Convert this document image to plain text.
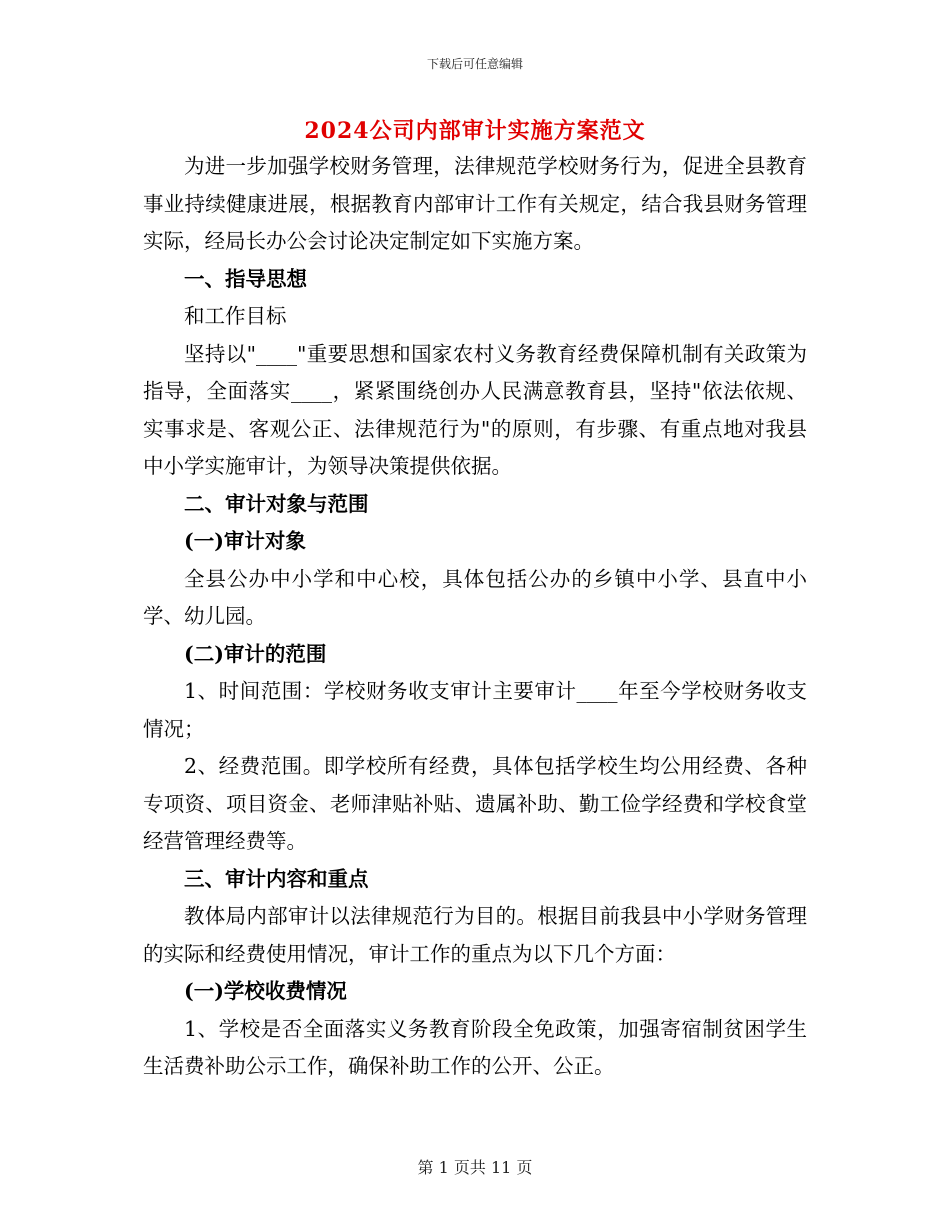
下载后可任意编辑
2024公司内部审计实施方案范文

为进一步加强学校财务管理，法律规范学校财务行为，促进全县教育事业持续健康进展，根据教育内部审计工作有关规定，结合我县财务管理实际，经局长办公会讨论决定制定如下实施方案。

一、指导思想

和工作目标

坚持以"____"重要思想和国家农村义务教育经费保障机制有关政策为指导，全面落实____，紧紧围绕创办人民满意教育县，坚持"依法依规、实事求是、客观公正、法律规范行为"的原则，有步骤、有重点地对我县中小学实施审计，为领导决策提供依据。

二、审计对象与范围

(一)审计对象

全县公办中小学和中心校，具体包括公办的乡镇中小学、县直中小学、幼儿园。

(二)审计的范围

1、时间范围：学校财务收支审计主要审计____年至今学校财务收支情况；

2、经费范围。即学校所有经费，具体包括学校生均公用经费、各种专项资、项目资金、老师津贴补贴、遗属补助、勤工俭学经费和学校食堂经营管理经费等。

三、审计内容和重点

教体局内部审计以法律规范行为目的。根据目前我县中小学财务管理的实际和经费使用情况，审计工作的重点为以下几个方面：

(一)学校收费情况

1、学校是否全面落实义务教育阶段全免政策，加强寄宿制贫困学生生活费补助公示工作，确保补助工作的公开、公正。

第 1 页共 11 页
